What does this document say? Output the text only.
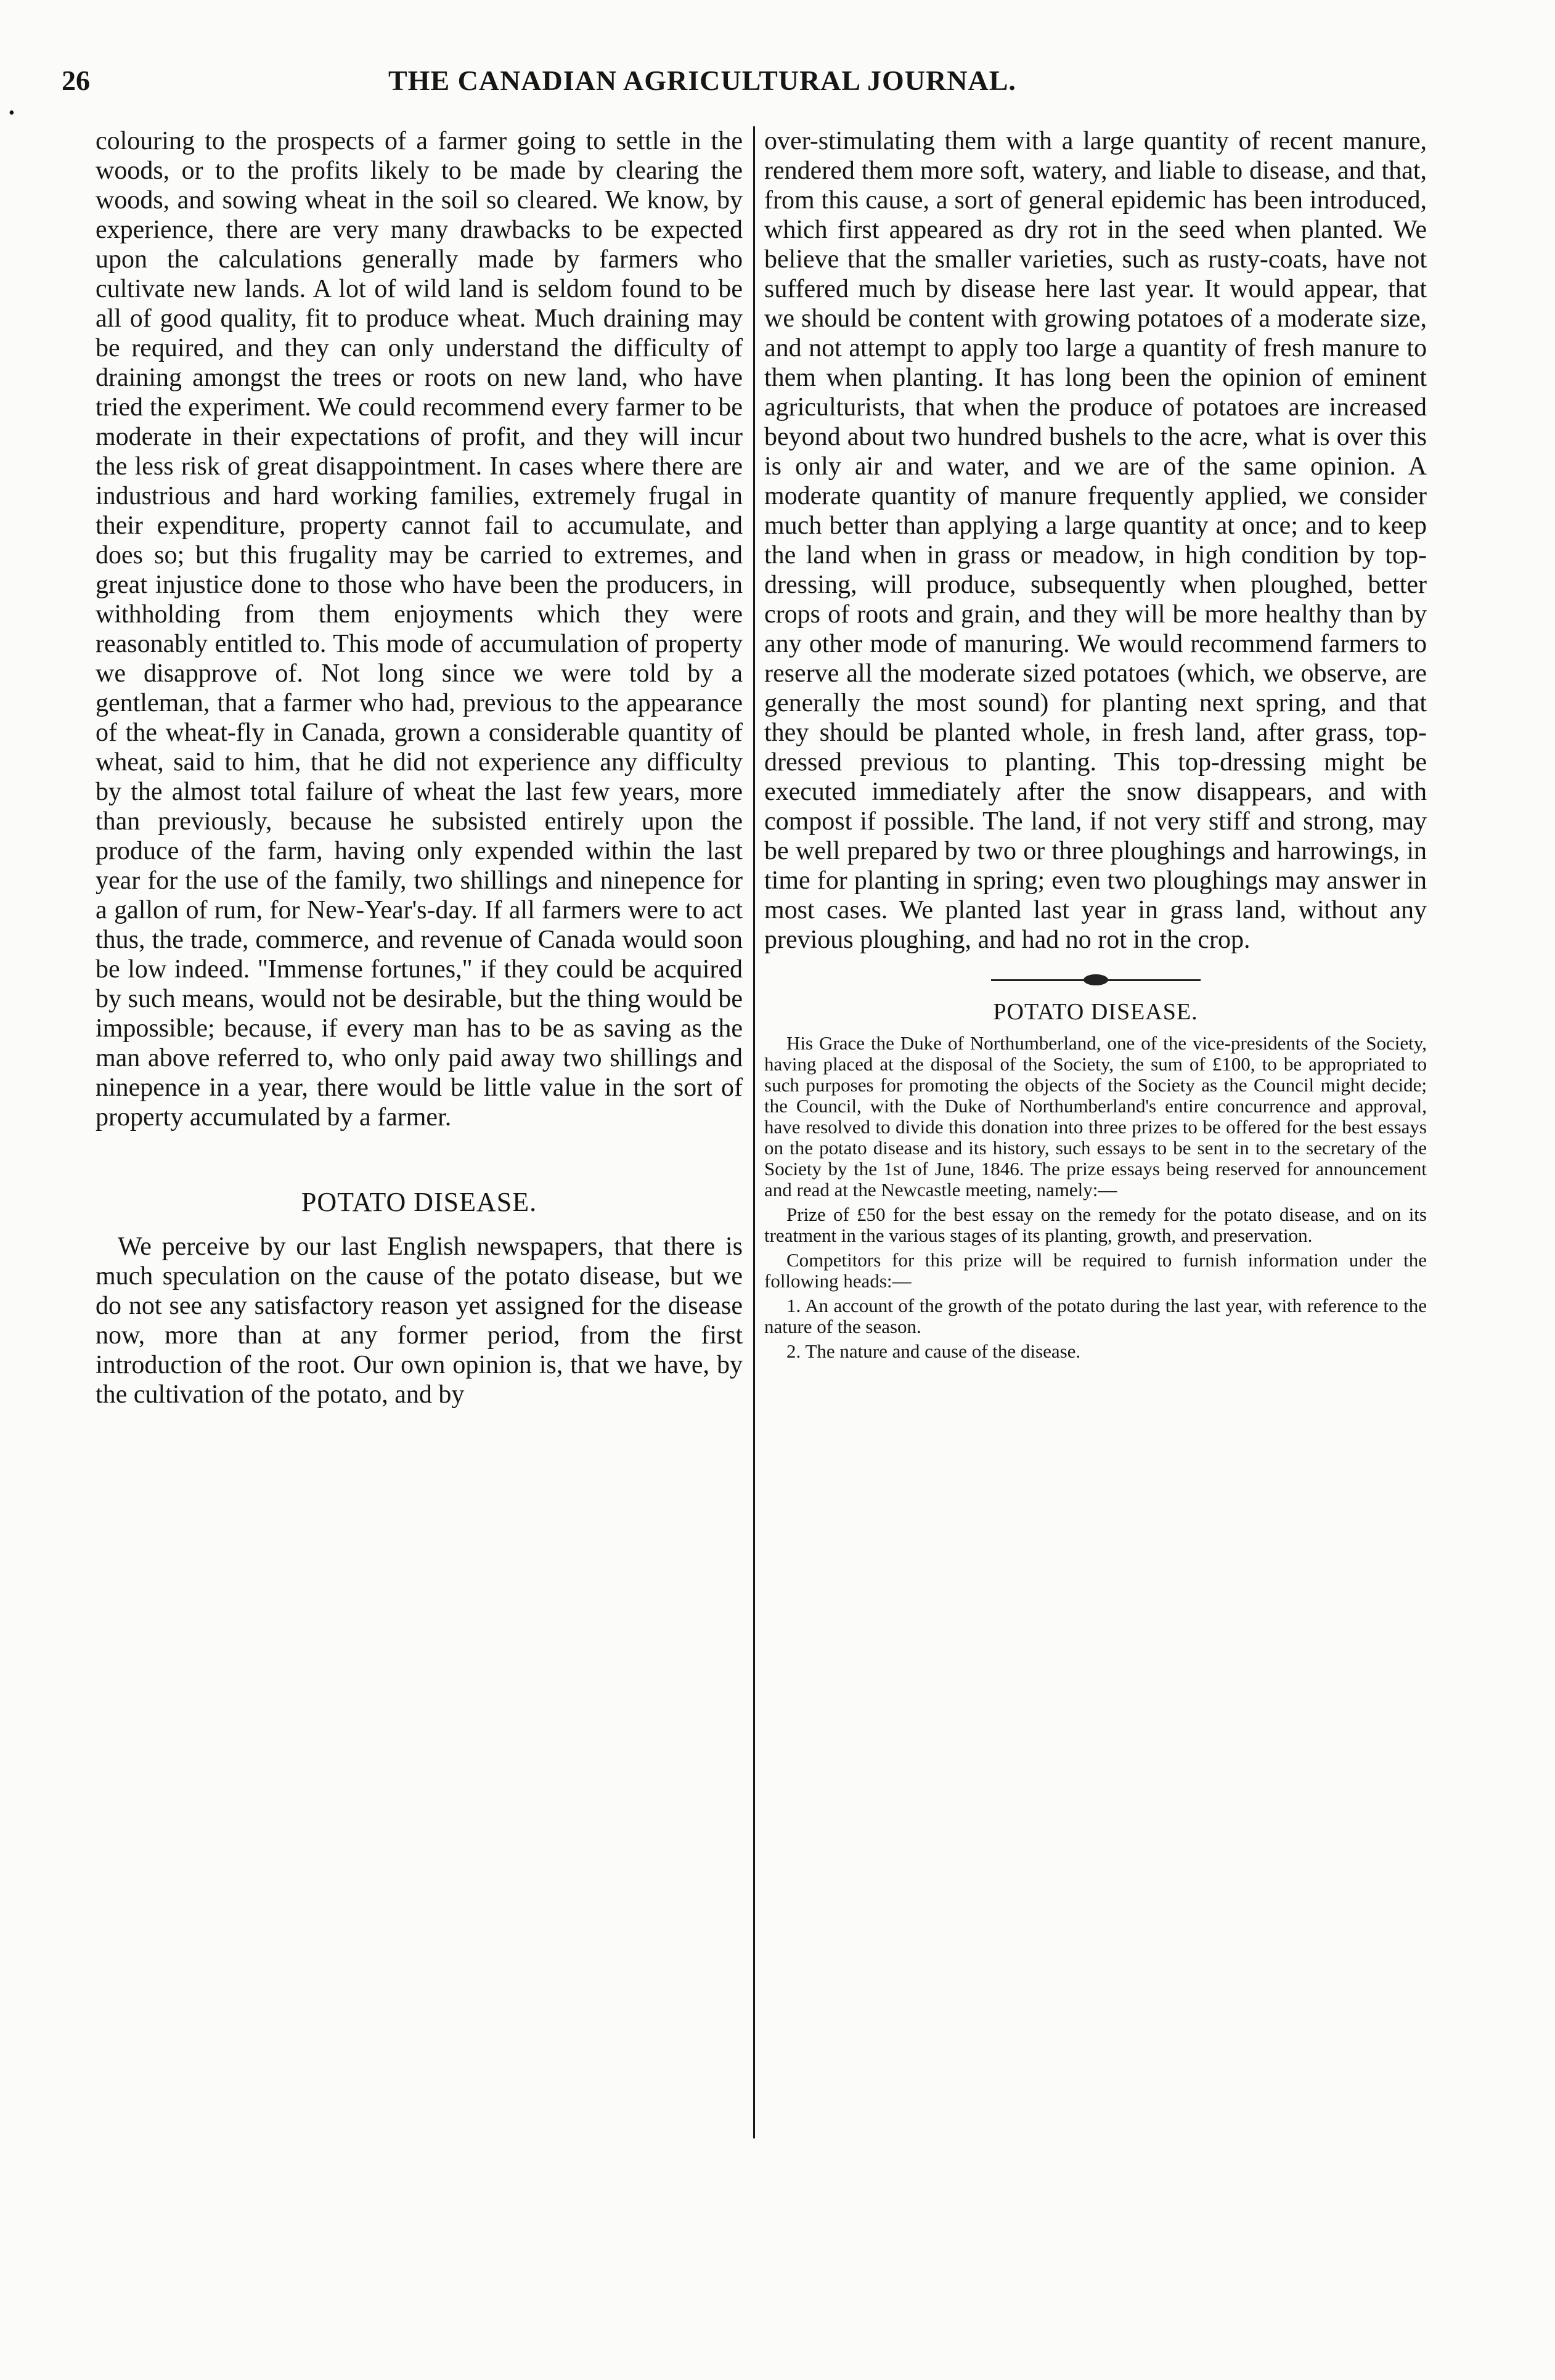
•
26	THE CANADIAN AGRICULTURAL JOURNAL.

colouring to the prospects of a farmer going to settle in the woods, or to the profits likely to be made by clearing the woods, and sowing wheat in the soil so cleared. We know, by experience, there are very many drawbacks to be expected upon the calculations generally made by farmers who cultivate new lands. A lot of wild land is seldom found to be all of good quality, fit to produce wheat. Much draining may be required, and they can only understand the difficulty of draining amongst the trees or roots on new land, who have tried the experiment. We could recommend every farmer to be moderate in their expectations of profit, and they will incur the less risk of great disappointment. In cases where there are industrious and hard working families, extremely frugal in their expenditure, property cannot fail to accumulate, and does so; but this frugality may be carried to extremes, and great injustice done to those who have been the producers, in withholding from them enjoyments which they were reasonably entitled to. This mode of accumulation of property we disapprove of. Not long since we were told by a gentleman, that a farmer who had, previous to the appearance of the wheat-fly in Canada, grown a considerable quantity of wheat, said to him, that he did not experience any difficulty by the almost total failure of wheat the last few years, more than previously, because he subsisted entirely upon the produce of the farm, having only expended within the last year for the use of the family, two shillings and ninepence for a gallon of rum, for New-Year's-day. If all farmers were to act thus, the trade, commerce, and revenue of Canada would soon be low indeed. "Immense fortunes," if they could be acquired by such means, would not be desirable, but the thing would be impossible; because, if every man has to be as saving as the man above referred to, who only paid away two shillings and ninepence in a year, there would be little value in the sort of property accumulated by a farmer.

POTATO DISEASE.

We perceive by our last English newspapers, that there is much speculation on the cause of the potato disease, but we do not see any satisfactory reason yet assigned for the disease now, more than at any former period, from the first introduction of the root. Our own opinion is, that we have, by the cultivation of the potato, and by

over-stimulating them with a large quantity of recent manure, rendered them more soft, watery, and liable to disease, and that, from this cause, a sort of general epidemic has been introduced, which first appeared as dry rot in the seed when planted. We believe that the smaller varieties, such as rusty-coats, have not suffered much by disease here last year. It would appear, that we should be content with growing potatoes of a moderate size, and not attempt to apply too large a quantity of fresh manure to them when planting. It has long been the opinion of eminent agriculturists, that when the produce of potatoes are increased beyond about two hundred bushels to the acre, what is over this is only air and water, and we are of the same opinion. A moderate quantity of manure frequently applied, we consider much better than applying a large quantity at once; and to keep the land when in grass or meadow, in high condition by top-dressing, will produce, subsequently when ploughed, better crops of roots and grain, and they will be more healthy than by any other mode of manuring. We would recommend farmers to reserve all the moderate sized potatoes (which, we observe, are generally the most sound) for planting next spring, and that they should be planted whole, in fresh land, after grass, top-dressed previous to planting. This top-dressing might be executed immediately after the snow disappears, and with compost if possible. The land, if not very stiff and strong, may be well prepared by two or three ploughings and harrowings, in time for planting in spring; even two ploughings may answer in most cases. We planted last year in grass land, without any previous ploughing, and had no rot in the crop.

POTATO DISEASE.

His Grace the Duke of Northumberland, one of the vice-presidents of the Society, having placed at the disposal of the Society, the sum of £100, to be appropriated to such purposes for promoting the objects of the Society as the Council might decide; the Council, with the Duke of Northumberland's entire concurrence and approval, have resolved to divide this donation into three prizes to be offered for the best essays on the potato disease and its history, such essays to be sent in to the secretary of the Society by the 1st of June, 1846. The prize essays being reserved for announcement and read at the Newcastle meeting, namely:—

Prize of £50 for the best essay on the remedy for the potato disease, and on its treatment in the various stages of its planting, growth, and preservation.

Competitors for this prize will be required to furnish information under the following heads:—

1. An account of the growth of the potato during the last year, with reference to the nature of the season.

2. The nature and cause of the disease.
